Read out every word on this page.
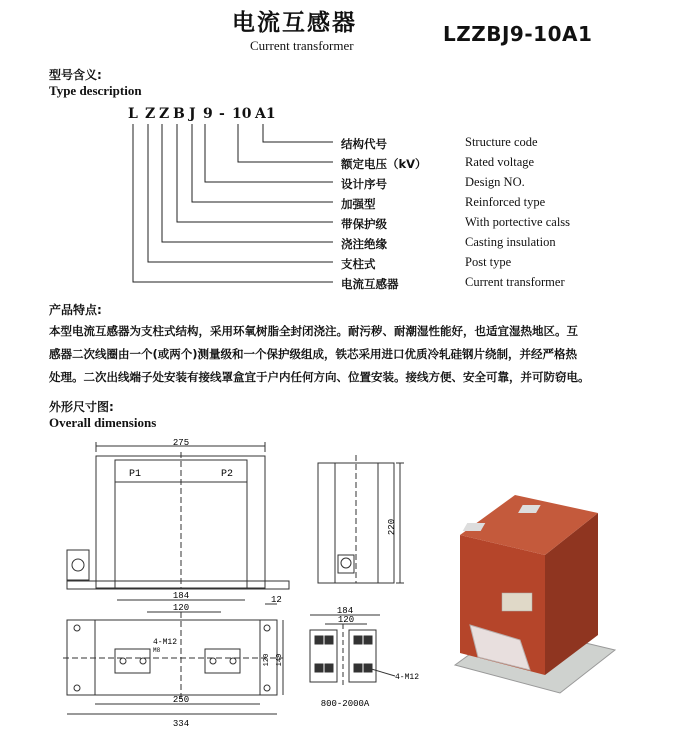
电流互感器
Current transformer	LZZBJ9-10A1
型号含义:
Type description
L Z Z B J 9 - 10 A1
结构代号
额定电压（kV）
设计序号
加强型
带保护级
浇注绝缘
支柱式
电流互感器
Structure code
Rated voltage
Design NO.
Reinforced type
With portective calss
Casting insulation
Post type
Current transformer
产品特点:
本型电流互感器为支柱式结构，采用环氧树脂全封闭浇注。耐污秽、耐潮湿性能好，也适宜湿热地区。互
感器二次线圈由一个(或两个)测量级和一个保护级组成，铁芯采用进口优质冷轧硅钢片绕制，并经严格热
处理。二次出线端子处安装有接线罩盒宜于户内任何方向、位置安装。接线方便、安全可靠，并可防窃电。
外形尺寸图:
Overall dimensions
275
P1	P2
220
184
120
12
4-M12
M8
250
334
120 149
184
120
4-M12
800-2000A
